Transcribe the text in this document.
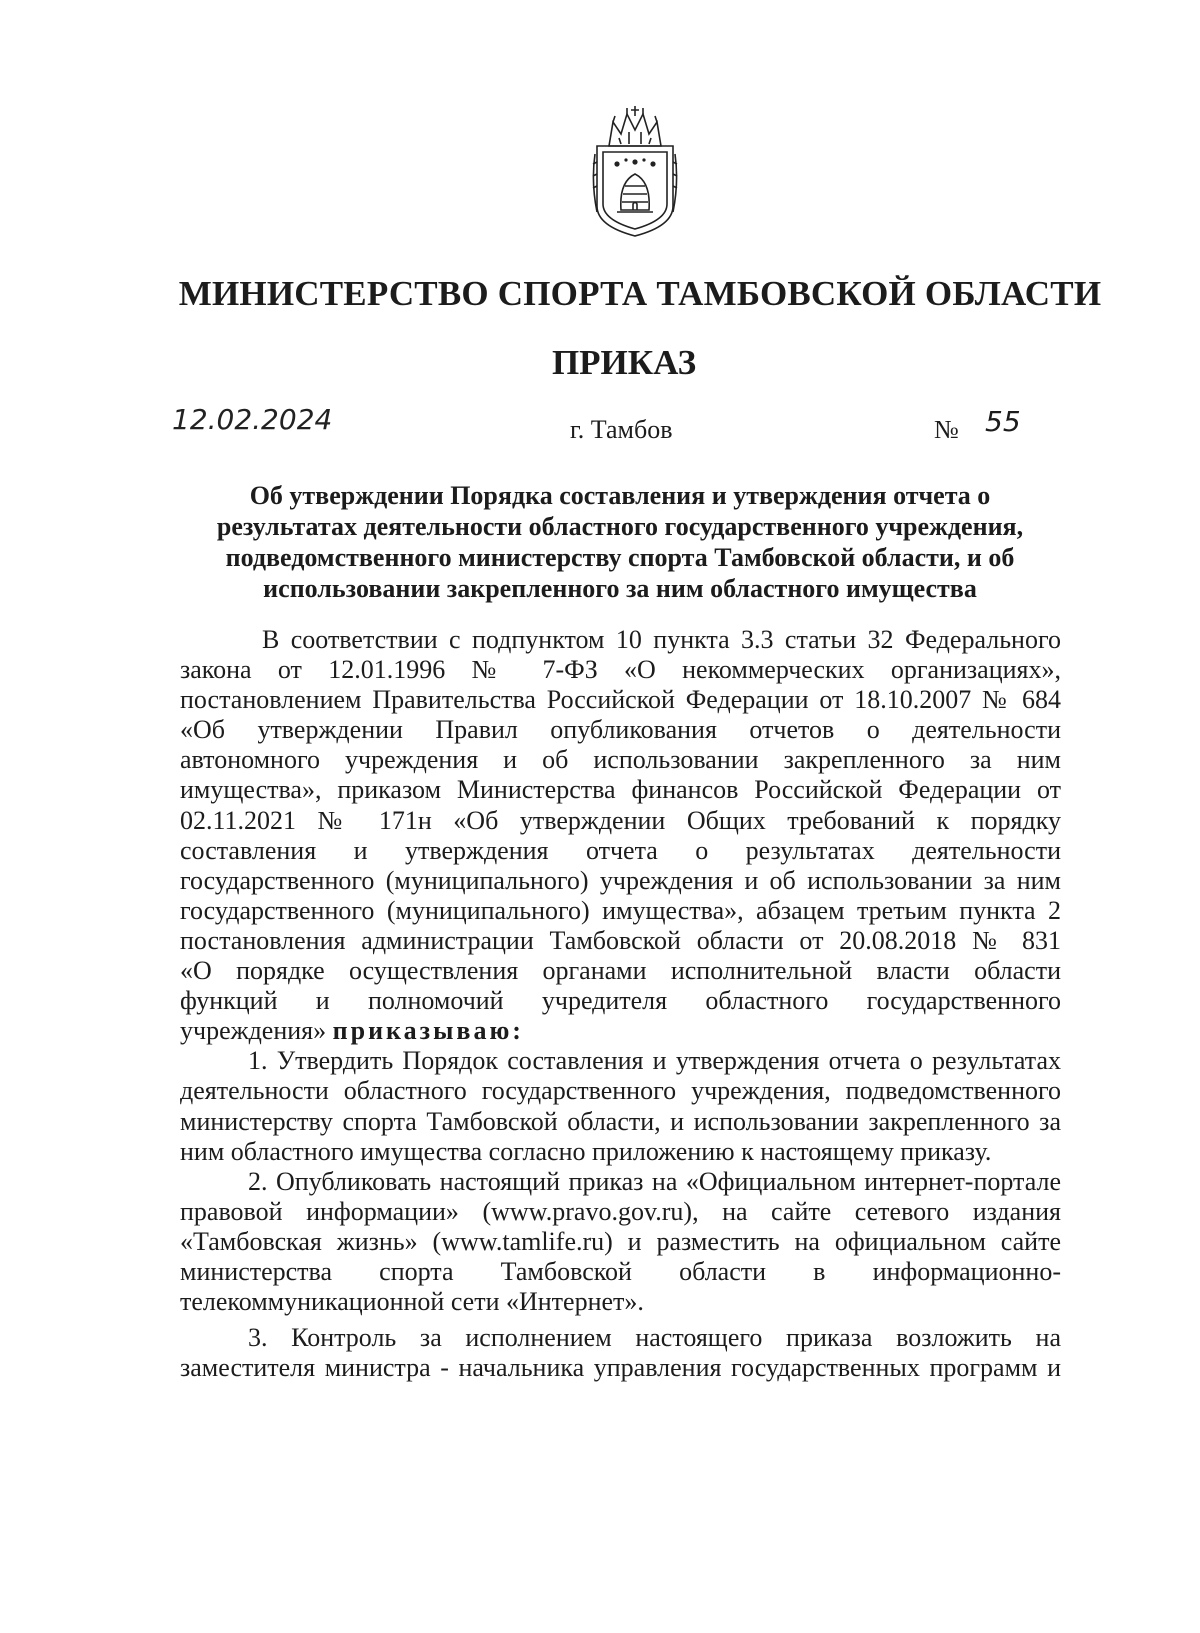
МИНИСТЕРСТВО СПОРТА ТАМБОВСКОЙ ОБЛАСТИ
ПРИКАЗ
12.02.2024	г. Тамбов	№ 55
Об утверждении Порядка составления и утверждения отчета о
результатах деятельности областного государственного учреждения,
подведомственного министерству спорта Тамбовской области, и об
использовании закрепленного за ним областного имущества
В соответствии с подпунктом 10 пункта 3.3 статьи 32 Федерального
закона от 12.01.1996 № 7-ФЗ «О некоммерческих организациях»,
постановлением Правительства Российской Федерации от 18.10.2007 № 684
«Об утверждении Правил опубликования отчетов о деятельности
автономного учреждения и об использовании закрепленного за ним
имущества», приказом Министерства финансов Российской Федерации от
02.11.2021 № 171н «Об утверждении Общих требований к порядку
составления и утверждения отчета о результатах деятельности
государственного (муниципального) учреждения и об использовании за ним
государственного (муниципального) имущества», абзацем третьим пункта 2
постановления администрации Тамбовской области от 20.08.2018 № 831
«О порядке осуществления органами исполнительной власти области
функций и полномочий учредителя областного государственного
учреждения» приказываю:
1. Утвердить Порядок составления и утверждения отчета о результатах
деятельности областного государственного учреждения, подведомственного
министерству спорта Тамбовской области, и использовании закрепленного за
ним областного имущества согласно приложению к настоящему приказу.
2. Опубликовать настоящий приказ на «Официальном интернет-портале
правовой информации» (www.pravo.gov.ru), на сайте сетевого издания
«Тамбовская жизнь» (www.tamlife.ru) и разместить на официальном сайте
министерства спорта Тамбовской области в информационно-
телекоммуникационной сети «Интернет».
3. Контроль за исполнением настоящего приказа возложить на
заместителя министра - начальника управления государственных программ и
